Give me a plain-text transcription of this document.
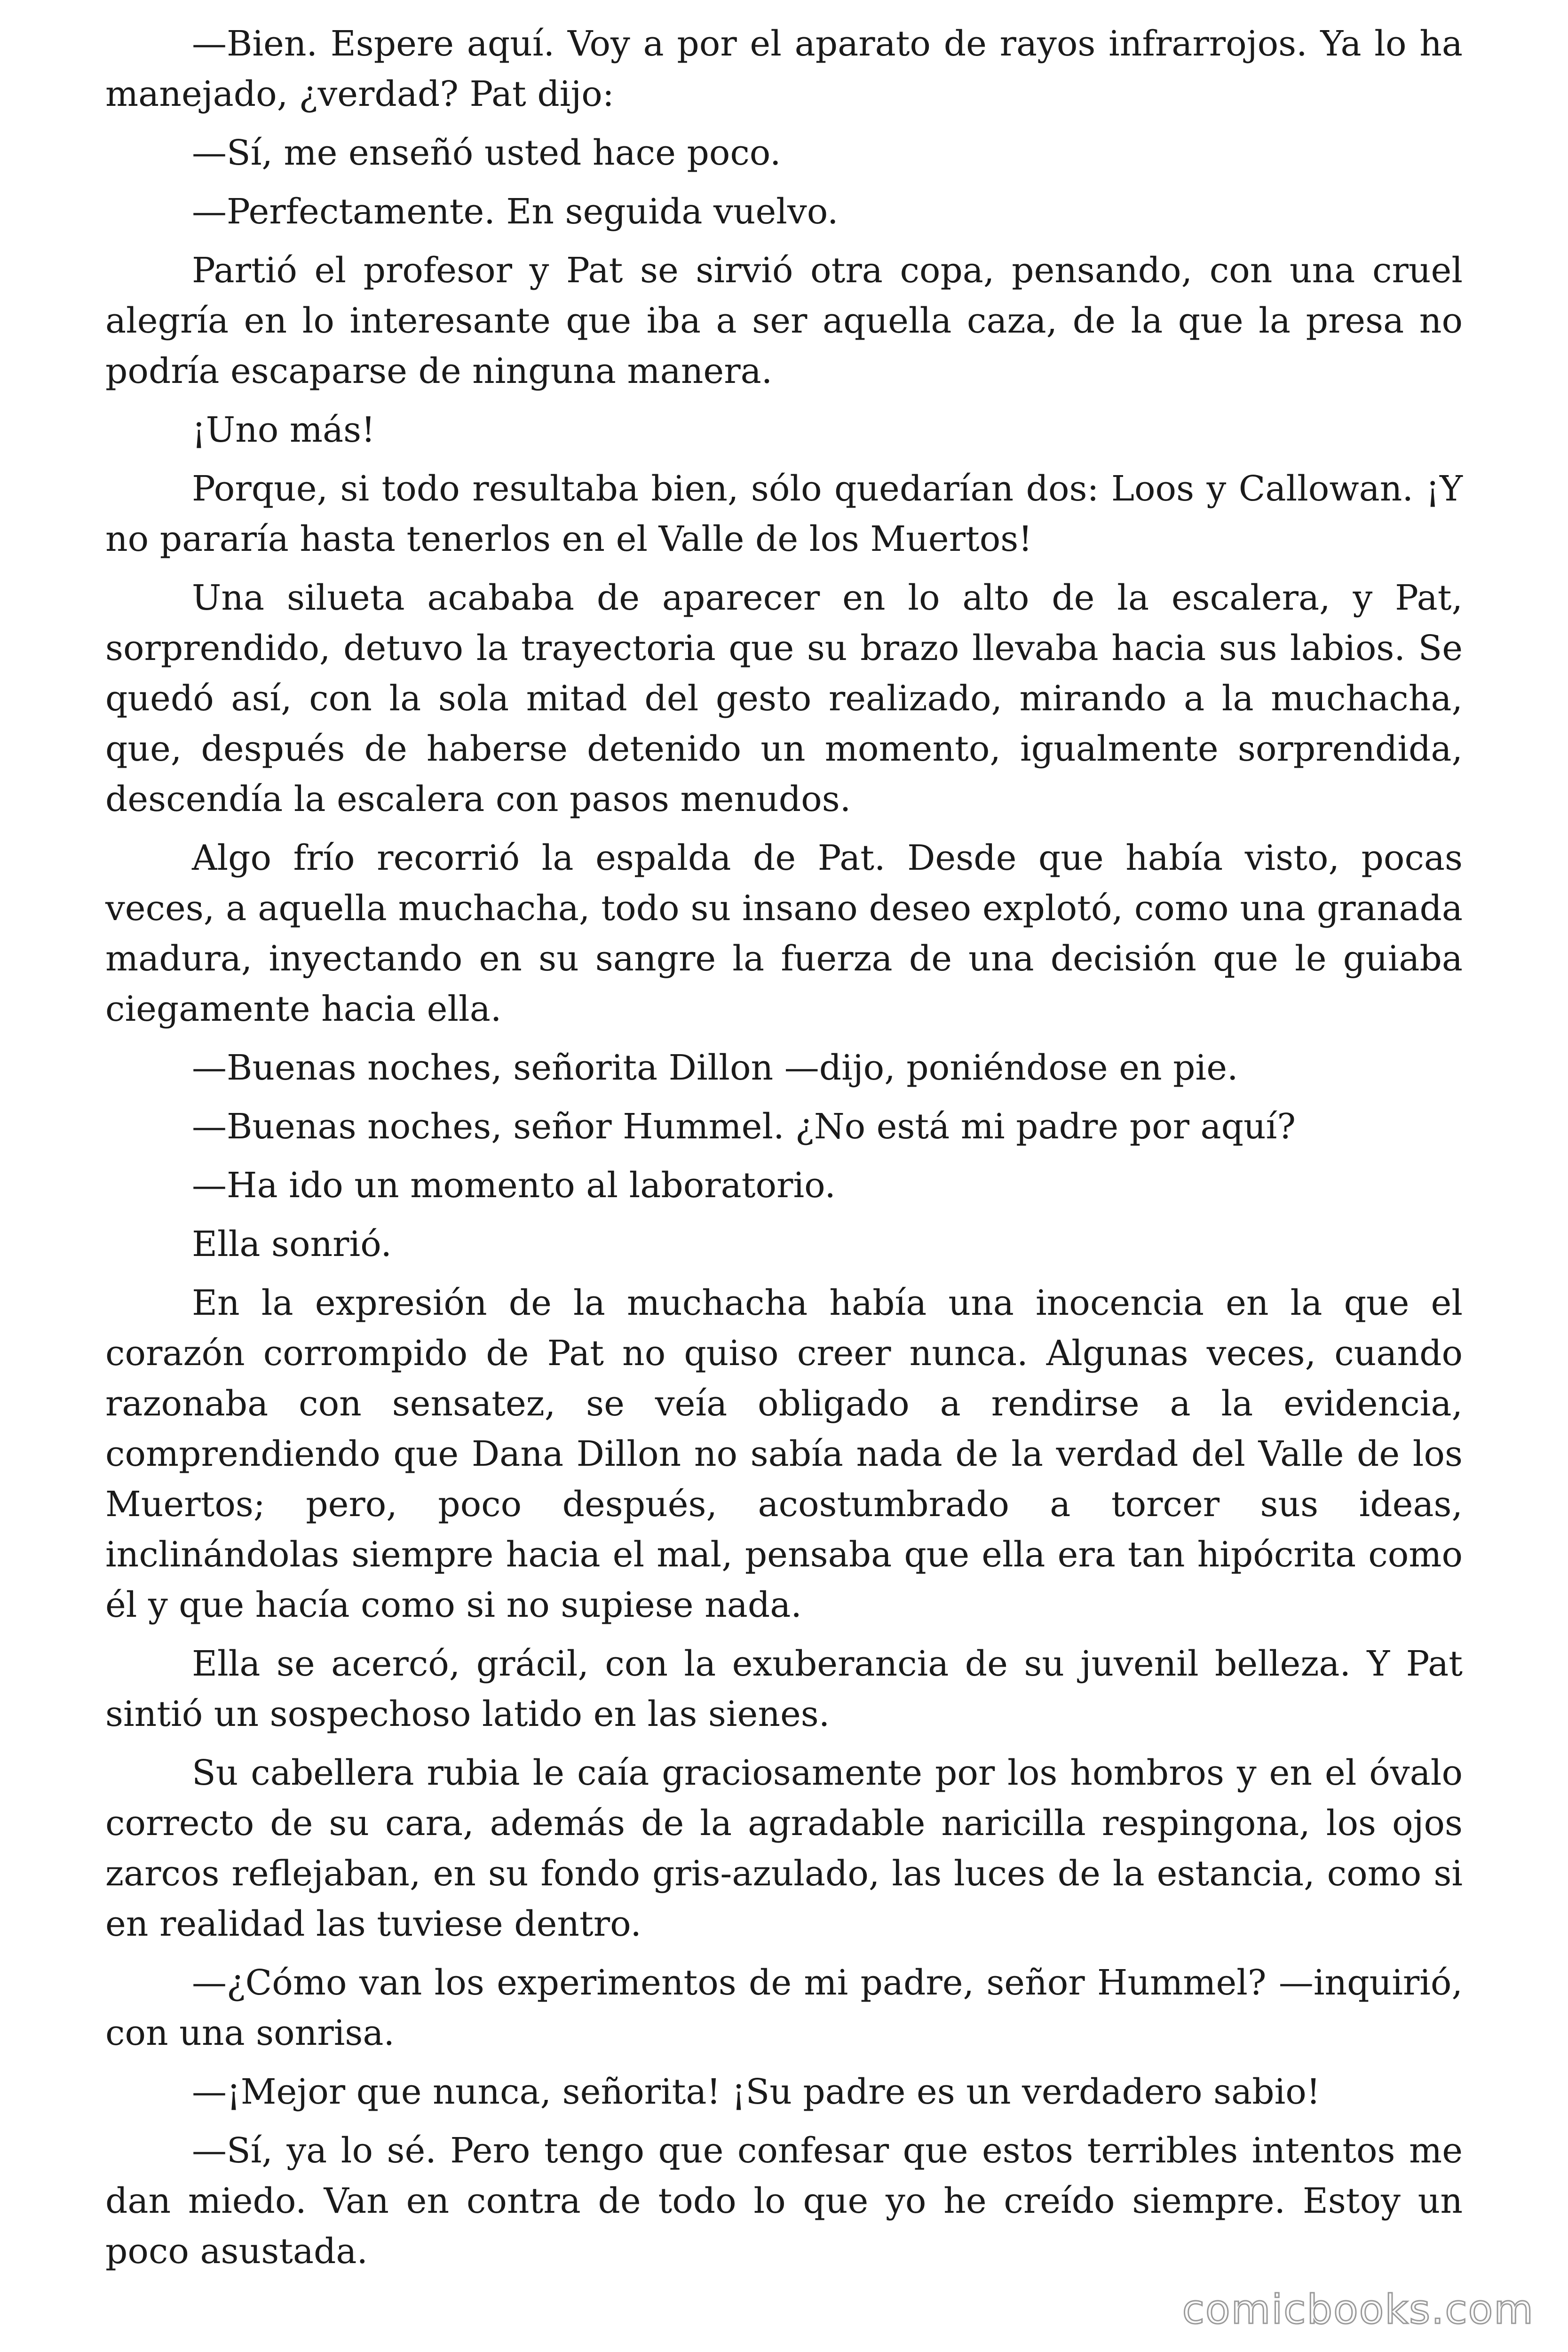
—Bien. Espere aquí. Voy a por el aparato de rayos infrarrojos. Ya lo ha manejado, ¿verdad? Pat dijo:

—Sí, me enseñó usted hace poco.

—Perfectamente. En seguida vuelvo.

Partió el profesor y Pat se sirvió otra copa, pensando, con una cruel alegría en lo interesante que iba a ser aquella caza, de la que la presa no podría escaparse de ninguna manera.

¡Uno más!

Porque, si todo resultaba bien, sólo quedarían dos: Loos y Callowan. ¡Y no pararía hasta tenerlos en el Valle de los Muertos!

Una silueta acababa de aparecer en lo alto de la escalera, y Pat, sorprendido, detuvo la trayectoria que su brazo llevaba hacia sus labios. Se quedó así, con la sola mitad del gesto realizado, mirando a la muchacha, que, después de haberse detenido un momento, igualmente sorprendida, descendía la escalera con pasos menudos.

Algo frío recorrió la espalda de Pat. Desde que había visto, pocas veces, a aquella muchacha, todo su insano deseo explotó, como una granada madura, inyectando en su sangre la fuerza de una decisión que le guiaba ciegamente hacia ella.

—Buenas noches, señorita Dillon —dijo, poniéndose en pie.

—Buenas noches, señor Hummel. ¿No está mi padre por aquí?

—Ha ido un momento al laboratorio.

Ella sonrió.

En la expresión de la muchacha había una inocencia en la que el corazón corrompido de Pat no quiso creer nunca. Algunas veces, cuando razonaba con sensatez, se veía obligado a rendirse a la evidencia, comprendiendo que Dana Dillon no sabía nada de la verdad del Valle de los Muertos; pero, poco después, acostumbrado a torcer sus ideas, inclinándolas siempre hacia el mal, pensaba que ella era tan hipócrita como él y que hacía como si no supiese nada.

Ella se acercó, grácil, con la exuberancia de su juvenil belleza. Y Pat sintió un sospechoso latido en las sienes.

Su cabellera rubia le caía graciosamente por los hombros y en el óvalo correcto de su cara, además de la agradable naricilla respingona, los ojos zarcos reflejaban, en su fondo gris-azulado, las luces de la estancia, como si en realidad las tuviese dentro.

—¿Cómo van los experimentos de mi padre, señor Hummel? —inquirió, con una sonrisa.

—¡Mejor que nunca, señorita! ¡Su padre es un verdadero sabio!

—Sí, ya lo sé. Pero tengo que confesar que estos terribles intentos me dan miedo. Van en contra de todo lo que yo he creído siempre. Estoy un poco asustada.

comicbooks.com
